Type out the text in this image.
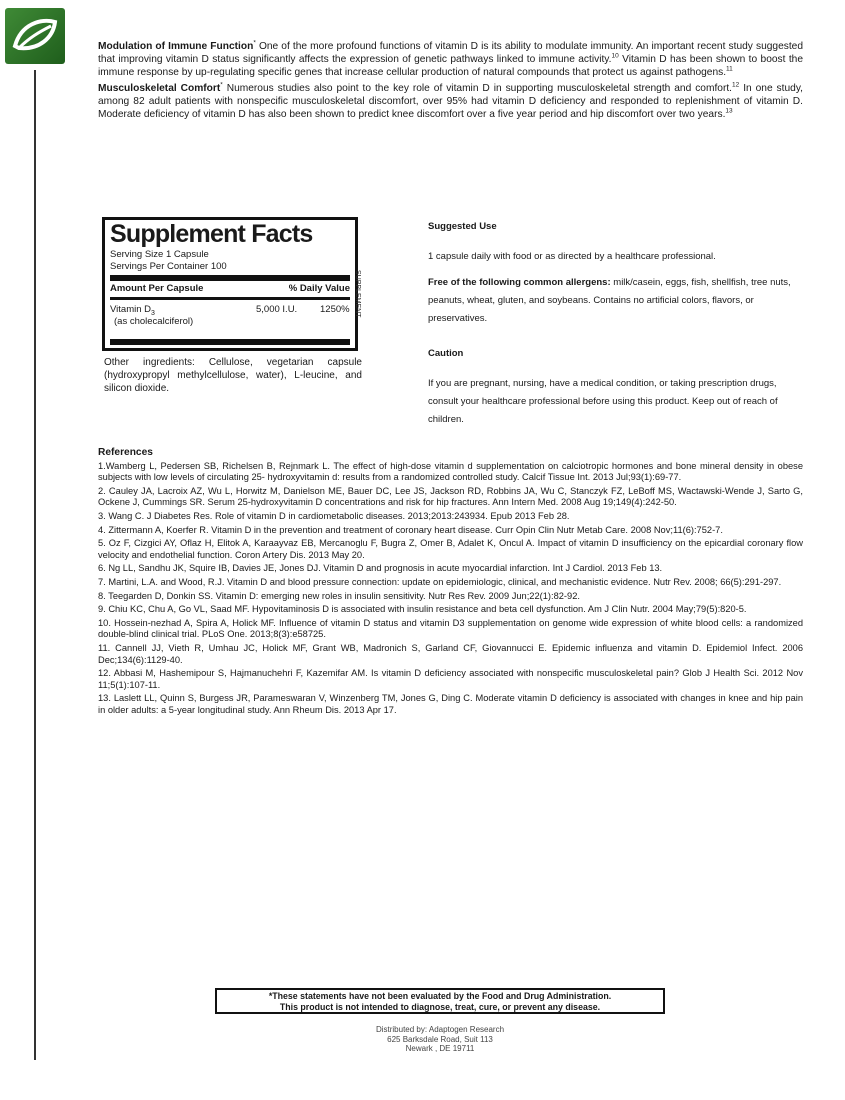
Modulation of Immune Function* One of the more profound functions of vitamin D is its ability to modulate immunity. An important recent study suggested that improving vitamin D status significantly affects the expression of genetic pathways linked to immune activity.$^{10}$ Vitamin D has been shown to boost the immune response by up-regulating specific genes that increase cellular production of natural compounds that protect us against pathogens.$^{11}$

Musculoskeletal Comfort* Numerous studies also point to the key role of vitamin D in supporting musculoskeletal strength and comfort.$^{12}$ In one study, among 82 adult patients with nonspecific musculoskeletal discomfort, over 95% had vitamin D deficiency and responded to replenishment of vitamin D. Moderate deficiency of vitamin D has also been shown to predict knee discomfort over a five year period and hip discomfort over two years.$^{13}$

Supplement Facts
Serving Size 1 Capsule
Servings Per Container 100
Amount Per Capsule	% Daily Value
Vitamin $D_3$
(as cholecalciferol)
5,000 I.U. 1250% SUPPLEMENT
Other ingredients: Cellulose, vegetarian capsule (hydroxypropyl methylcellulose, water), L-leucine, and silicon dioxide.
Suggested Use
1 capsule daily with food or as directed by a healthcare professional.
Free of the following common allergens: milk/casein, eggs, fish, shellfish, tree nuts, peanuts, wheat, gluten, and soybeans. Contains no artificial colors, flavors, or preservatives.
Caution
If you are pregnant, nursing, have a medical condition, or taking prescription drugs, consult your healthcare professional before using this product. Keep out of reach of children.
References
1.Wamberg L, Pedersen SB, Richelsen B, Rejnmark L. The effect of high-dose vitamin d supplementation on calciotropic hormones and bone mineral density in obese subjects with low levels of circulating 25- hydroxyvitamin d: results from a randomized controlled study. Calcif Tissue Int. 2013 Jul;93(1):69-77.
2. Cauley JA, Lacroix AZ, Wu L, Horwitz M, Danielson ME, Bauer DC, Lee JS, Jackson RD, Robbins JA, Wu C, Stanczyk FZ, LeBoff MS, Wactawski-Wende J, Sarto G, Ockene J, Cummings SR. Serum 25-hydroxyvitamin D concentrations and risk for hip fractures. Ann Intern Med. 2008 Aug 19;149(4):242-50.
3. Wang C. J Diabetes Res. Role of vitamin D in cardiometabolic diseases. 2013;2013:243934. Epub 2013 Feb 28.
4. Zittermann A, Koerfer R. Vitamin D in the prevention and treatment of coronary heart disease. Curr Opin Clin Nutr Metab Care. 2008 Nov;11(6):752-7.
5. Oz F, Cizgici AY, Oflaz H, Elitok A, Karaayvaz EB, Mercanoglu F, Bugra Z, Omer B, Adalet K, Oncul A. Impact of vitamin D insufficiency on the epicardial coronary flow velocity and endothelial function. Coron Artery Dis. 2013 May 20.
6. Ng LL, Sandhu JK, Squire IB, Davies JE, Jones DJ. Vitamin D and prognosis in acute myocardial infarction. Int J Cardiol. 2013 Feb 13.
7. Martini, L.A. and Wood, R.J. Vitamin D and blood pressure connection: update on epidemiologic, clinical, and mechanistic evidence. Nutr Rev. 2008; 66(5):291-297.
8. Teegarden D, Donkin SS. Vitamin D: emerging new roles in insulin sensitivity. Nutr Res Rev. 2009 Jun;22(1):82-92.
9. Chiu KC, Chu A, Go VL, Saad MF. Hypovitaminosis D is associated with insulin resistance and beta cell dysfunction. Am J Clin Nutr. 2004 May;79(5):820-5.
10. Hossein-nezhad A, Spira A, Holick MF. Influence of vitamin D status and vitamin D3 supplementation on genome wide expression of white blood cells: a randomized double-blind clinical trial. PLoS One. 2013;8(3):e58725.
11. Cannell JJ, Vieth R, Umhau JC, Holick MF, Grant WB, Madronich S, Garland CF, Giovannucci E. Epidemic influenza and vitamin D. Epidemiol Infect. 2006 Dec;134(6):1129-40.
12. Abbasi M, Hashemipour S, Hajmanuchehri F, Kazemifar AM. Is vitamin D deficiency associated with nonspecific musculoskeletal pain? Glob J Health Sci. 2012 Nov 11;5(1):107-11.
13. Laslett LL, Quinn S, Burgess JR, Parameswaran V, Winzenberg TM, Jones G, Ding C. Moderate vitamin D deficiency is associated with changes in knee and hip pain in older adults: a 5-year longitudinal study. Ann Rheum Dis. 2013 Apr 17.
*These statements have not been evaluated by the Food and Drug Administration.
This product is not intended to diagnose, treat, cure, or prevent any disease.
Distributed by: Adaptogen Research
625 Barksdale Road, Suit 113
Newark , DE 19711
